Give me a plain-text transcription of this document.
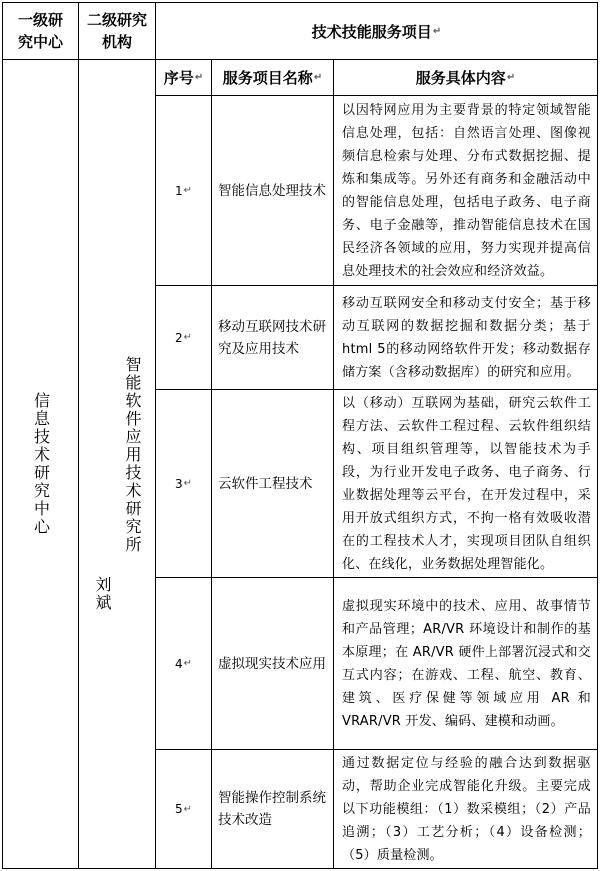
一级研究中心
二级研究机构
技术技能服务项目 ↵
序号 ↵ 服务项目名称 ↵	服务具体内容 ↵
信息技术研究中心	智能软件应用技术研究所
刘斌
1 ↵ 智能信息处理技术
以因特网应用为主要背景的特定领域智能信息处理，包括：自然语言处理、图像视频信息检索与处理、分布式数据挖掘、提炼和集成等。另外还有商务和金融活动中的智能信息处理，包括电子政务、电子商务、电子金融等，推动智能信息技术在国民经济各领域的应用，努力实现并提高信息处理技术的社会效应和经济效益。
2 ↵
移动互联网技术研究及应用技术
移动互联网安全和移动支付安全；基于移动互联网的数据挖掘和数据分类；基于html 5的移动网络软件开发；移动数据存储方案（含移动数据库）的研究和应用。
3 ↵ 云软件工程技术
以（移动）互联网为基础，研究云软件工程方法、云软件工程过程、云软件组织结构、项目组织管理等，以智能技术为手段，为行业开发电子政务、电子商务、行业数据处理等云平台，在开发过程中，采用开放式组织方式，不拘一格有效吸收潜在的工程技术人才，实现项目团队自组织化、在线化，业务数据处理智能化。
4 ↵ 虚拟现实技术应用
虚拟现实环境中的技术、应用、故事情节和产品管理；AR/VR 环境设计和制作的基本原理；在 AR/VR 硬件上部署沉浸式和交互式内容；在游戏、工程、航空、教育、建筑、医疗保健等领域应用 AR 和 VRAR/VR 开发、编码、建模和动画。
5 ↵
智能操作控制系统技术改造
通过数据定位与经验的融合达到数据驱动，帮助企业完成智能化升级。主要完成以下功能模组：（1）数采模组；（2）产品追溯；（3）工艺分析；（4）设备检测；（5）质量检测。
